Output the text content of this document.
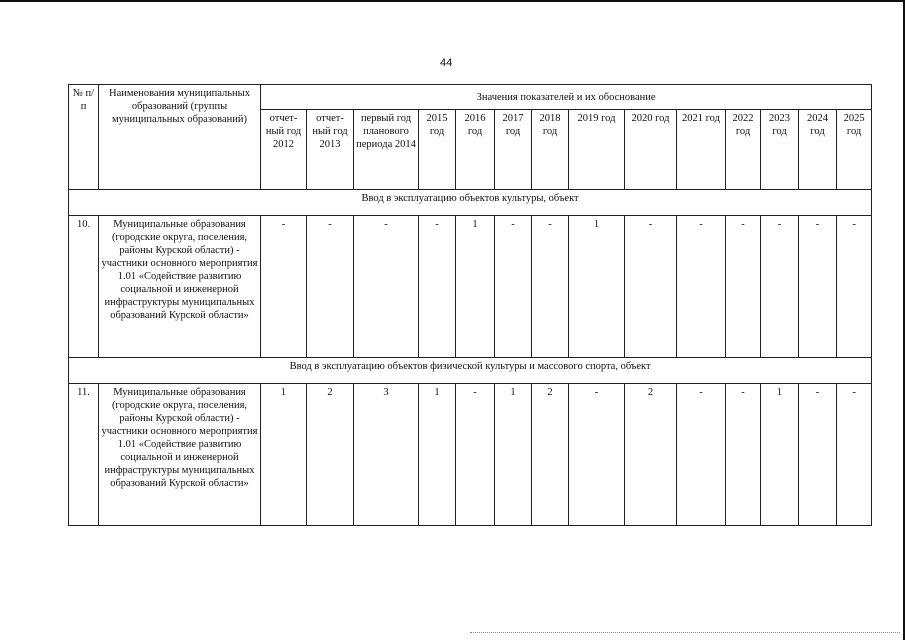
44
№ п/п	Наименования муниципальных образований (группы муниципальных образований)	Значения показателей и их обоснование													
		отчет-ный год 2012	отчет-ный год 2013	первый год планового периода 2014	2015 год	2016 год	2017 год	2018 год	2019 год	2020 год	2021 год	2022 год	2023 год	2024 год	2025 год
Ввод в эксплуатацию объектов культуры, объект															
10.	Муниципальные образования (городские округа, поселения, районы Курской области) - участники основного мероприятия 1.01 «Содействие развитию социальной и инженерной инфраструктуры муниципальных образований Курской области»	-	-	-	-	1	-	-	1	-	-	-	-	-	-
Ввод в эксплуатацию объектов физической культуры и массового спорта, объект															
11.	Муниципальные образования (городские округа, поселения, районы Курской области) - участники основного мероприятия 1.01 «Содействие развитию социальной и инженерной инфраструктуры муниципальных образований Курской области»	1	2	3	1	-	1	2	-	2	-	-	1	-	-
